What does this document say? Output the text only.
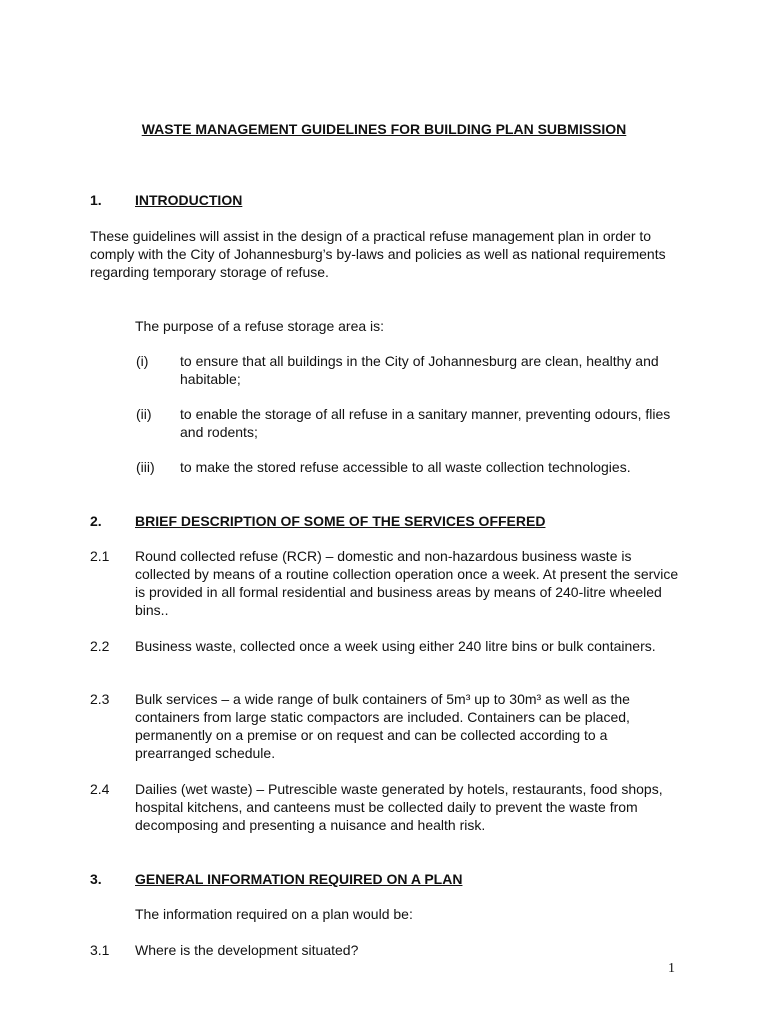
WASTE MANAGEMENT GUIDELINES FOR BUILDING PLAN SUBMISSION
1. INTRODUCTION

These guidelines will assist in the design of a practical refuse management plan in order to comply with the City of Johannesburg’s by-laws and policies as well as national requirements regarding temporary storage of refuse.

The purpose of a refuse storage area is:

(i) to ensure that all buildings in the City of Johannesburg are clean, healthy and habitable;

(ii) to enable the storage of all refuse in a sanitary manner, preventing odours, flies and rodents;

(iii) to make the stored refuse accessible to all waste collection technologies.

2. BRIEF DESCRIPTION OF SOME OF THE SERVICES OFFERED
2.1 Round collected refuse (RCR) – domestic and non-hazardous business waste is collected by means of a routine collection operation once a week. At present the service is provided in all formal residential and business areas by means of 240-litre wheeled bins..

2.2 Business waste, collected once a week using either 240 litre bins or bulk containers.

2.3 Bulk services – a wide range of bulk containers of 5m³ up to 30m³ as well as the containers from large static compactors are included. Containers can be placed, permanently on a premise or on request and can be collected according to a prearranged schedule.

2.4 Dailies (wet waste) – Putrescible waste generated by hotels, restaurants, food shops, hospital kitchens, and canteens must be collected daily to prevent the waste from decomposing and presenting a nuisance and health risk.

3. GENERAL INFORMATION REQUIRED ON A PLAN

The information required on a plan would be:

3.1 Where is the development situated?

1
